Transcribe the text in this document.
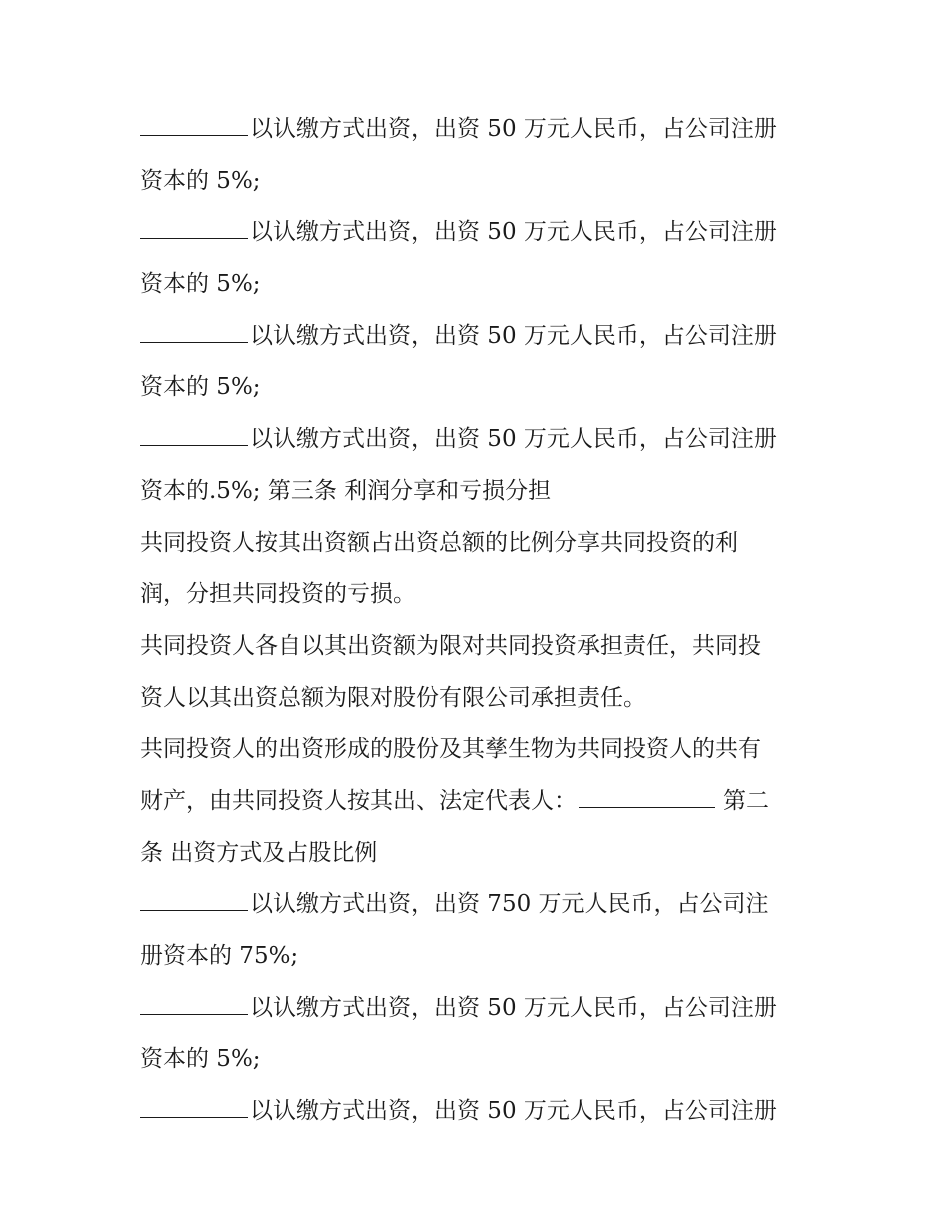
以认缴方式出资，出资 50 万元人民币，占公司注册
资本的 5%;
以认缴方式出资，出资 50 万元人民币，占公司注册
资本的 5%;
以认缴方式出资，出资 50 万元人民币，占公司注册
资本的 5%;
以认缴方式出资，出资 50 万元人民币，占公司注册
资本的.5%; 第三条 利润分享和亏损分担
共同投资人按其出资额占出资总额的比例分享共同投资的利
润，分担共同投资的亏损。
共同投资人各自以其出资额为限对共同投资承担责任，共同投
资人以其出资总额为限对股份有限公司承担责任。
共同投资人的出资形成的股份及其孳生物为共同投资人的共有
财产，由共同投资人按其出、法定代表人：	第二
条 出资方式及占股比例
以认缴方式出资，出资 750 万元人民币，占公司注
册资本的 75%;
以认缴方式出资，出资 50 万元人民币，占公司注册
资本的 5%;
以认缴方式出资，出资 50 万元人民币，占公司注册
